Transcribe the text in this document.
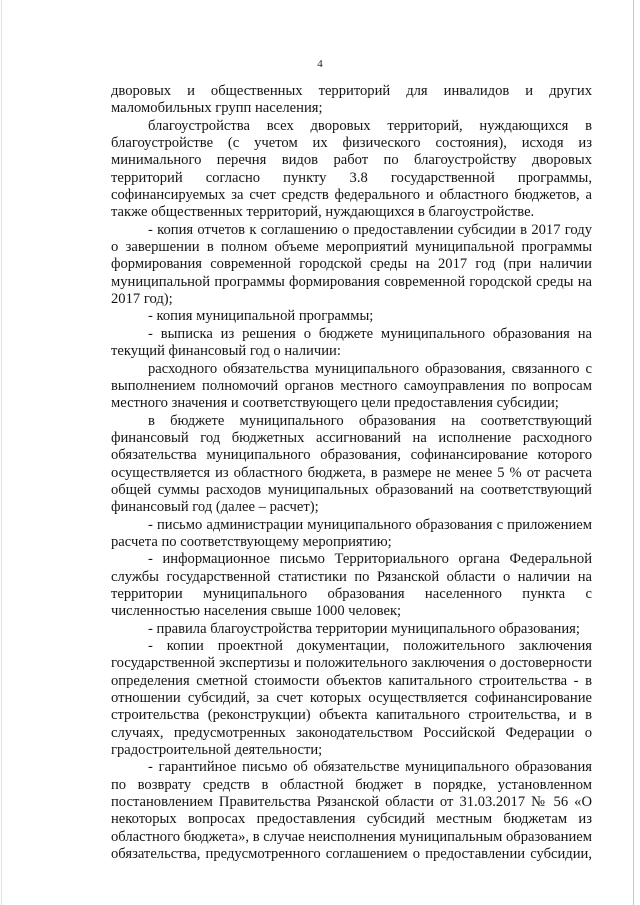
4

дворовых и общественных территорий для инвалидов и других маломобильных групп населения;

благоустройства всех дворовых территорий, нуждающихся в благоустройстве (с учетом их физического состояния), исходя из минимального перечня видов работ по благоустройству дворовых территорий согласно пункту 3.8 государственной программы, софинансируемых за счет средств федерального и областного бюджетов, а также общественных территорий, нуждающихся в благоустройстве.

- копия отчетов к соглашению о предоставлении субсидии в 2017 году о завершении в полном объеме мероприятий муниципальной программы формирования современной городской среды на 2017 год (при наличии муниципальной программы формирования современной городской среды на 2017 год);

- копия муниципальной программы;

- выписка из решения о бюджете муниципального образования на текущий финансовый год о наличии:

расходного обязательства муниципального образования, связанного с выполнением полномочий органов местного самоуправления по вопросам местного значения и соответствующего цели предоставления субсидии;

в бюджете муниципального образования на соответствующий финансовый год бюджетных ассигнований на исполнение расходного обязательства муниципального образования, софинансирование которого осуществляется из областного бюджета, в размере не менее 5 % от расчета общей суммы расходов муниципальных образований на соответствующий финансовый год (далее – расчет);

- письмо администрации муниципального образования с приложением расчета по соответствующему мероприятию;

- информационное письмо Территориального органа Федеральной службы государственной статистики по Рязанской области о наличии на территории муниципального образования населенного пункта с численностью населения свыше 1000 человек;

- правила благоустройства территории муниципального образования;

- копии проектной документации, положительного заключения государственной экспертизы и положительного заключения о достоверности определения сметной стоимости объектов капитального строительства - в отношении субсидий, за счет которых осуществляется софинансирование строительства (реконструкции) объекта капитального строительства, и в случаях, предусмотренных законодательством Российской Федерации о градостроительной деятельности;

- гарантийное письмо об обязательстве муниципального образования по возврату средств в областной бюджет в порядке, установленном постановлением Правительства Рязанской области от 31.03.2017 № 56 «О некоторых вопросах предоставления субсидий местным бюджетам из областного бюджета», в случае неисполнения муниципальным образованием обязательства, предусмотренного соглашением о предоставлении субсидии,
